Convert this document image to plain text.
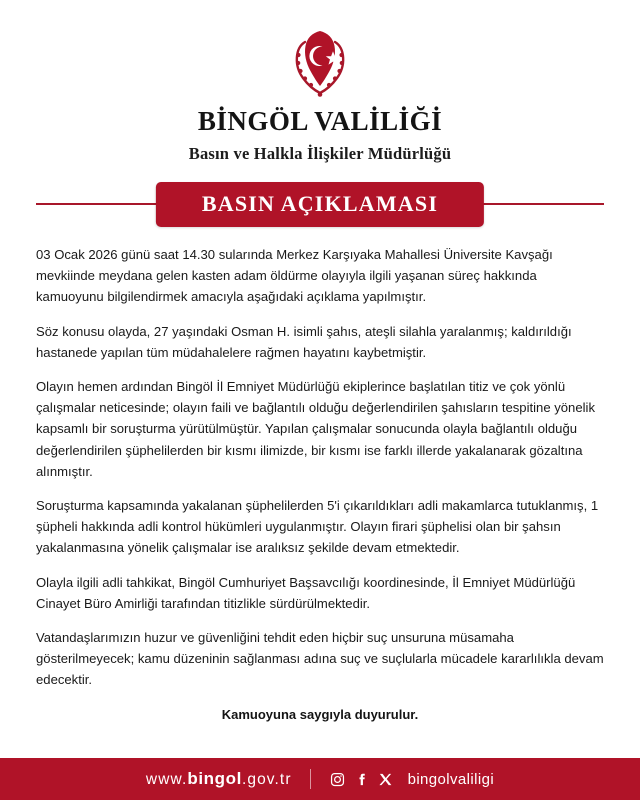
BİNGÖL VALİLİĞİ
Basın ve Halkla İlişkiler Müdürlüğü
BASIN AÇIKLAMASI

03 Ocak 2026 günü saat 14.30 sularında Merkez Karşıyaka Mahallesi Üniversite Kavşağı mevkiinde meydana gelen kasten adam öldürme olayıyla ilgili yaşanan süreç hakkında kamuoyunu bilgilendirmek amacıyla aşağıdaki açıklama yapılmıştır.

Söz konusu olayda, 27 yaşındaki Osman H. isimli şahıs, ateşli silahla yaralanmış; kaldırıldığı hastanede yapılan tüm müdahalelere rağmen hayatını kaybetmiştir.

Olayın hemen ardından Bingöl İl Emniyet Müdürlüğü ekiplerince başlatılan titiz ve çok yönlü çalışmalar neticesinde; olayın faili ve bağlantılı olduğu değerlendirilen şahısların tespitine yönelik kapsamlı bir soruşturma yürütülmüştür. Yapılan çalışmalar sonucunda olayla bağlantılı olduğu değerlendirilen şüphelilerden bir kısmı ilimizde, bir kısmı ise farklı illerde yakalanarak gözaltına alınmıştır.

Soruşturma kapsamında yakalanan şüphelilerden 5'i çıkarıldıkları adli makamlarca tutuklanmış, 1 şüpheli hakkında adli kontrol hükümleri uygulanmıştır. Olayın firari şüphelisi olan bir şahsın yakalanmasına yönelik çalışmalar ise aralıksız şekilde devam etmektedir.

Olayla ilgili adli tahkikat, Bingöl Cumhuriyet Başsavcılığı koordinesinde, İl Emniyet Müdürlüğü Cinayet Büro Amirliği tarafından titizlikle sürdürülmektedir.

Vatandaşlarımızın huzur ve güvenliğini tehdit eden hiçbir suç unsuruna müsamaha gösterilmeyecek; kamu düzeninin sağlanması adına suç ve suçlularla mücadele kararlılıkla devam edecektir.

Kamuoyuna saygıyla duyurulur.
www.bingol.gov.tr	bingolvaliligi
